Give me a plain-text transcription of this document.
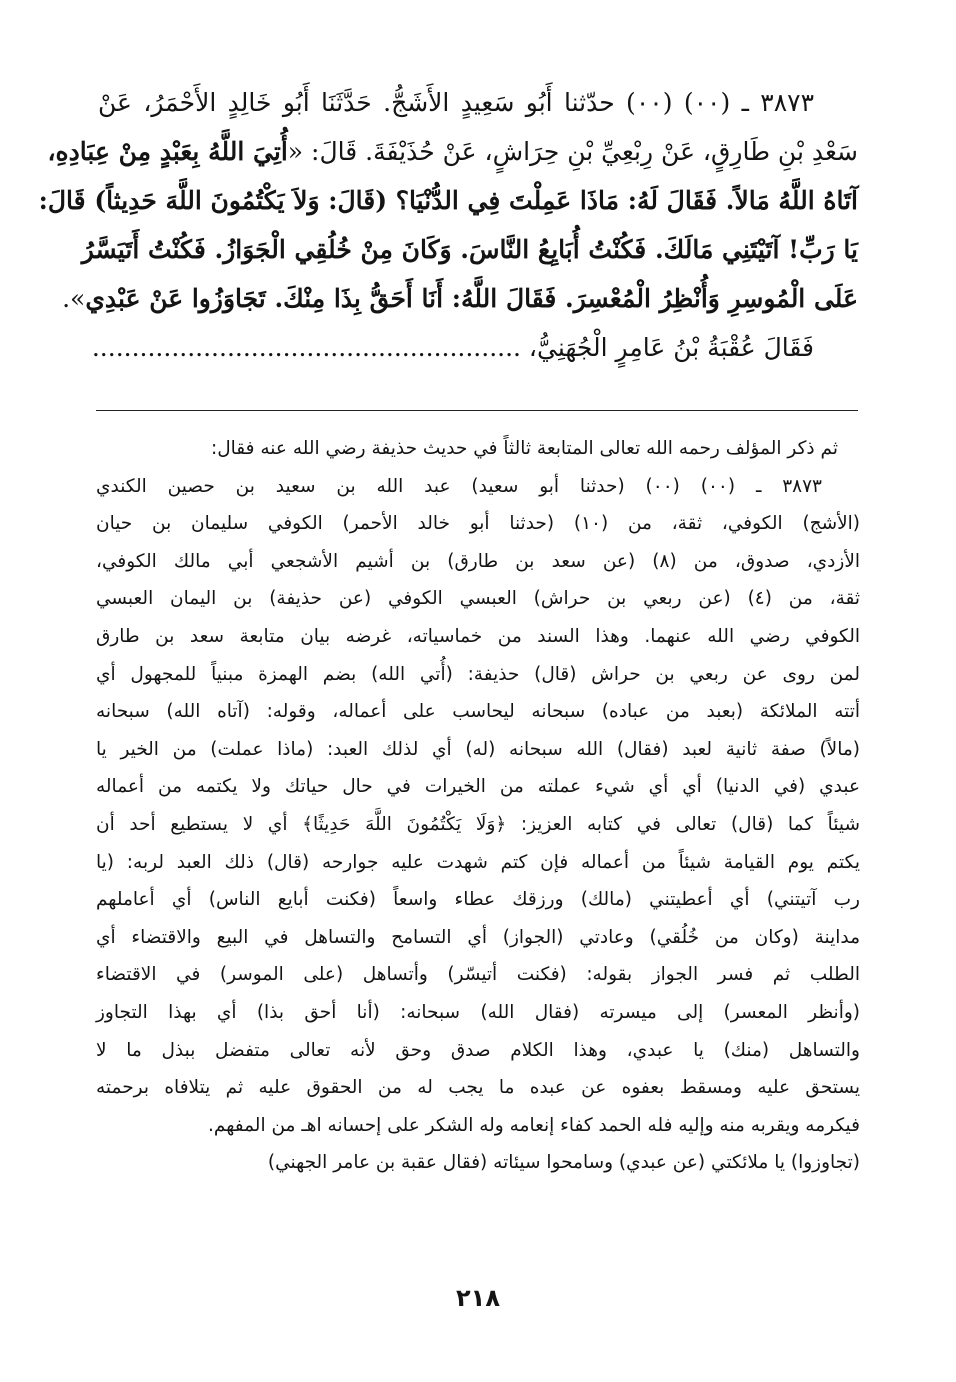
٣٨٧٣ ـ (٠٠) (٠٠) حدّثنا أَبُو سَعِيدٍ الأَشَجُّ. حَدَّثَنَا أَبُو خَالِدٍ الأَحْمَرُ، عَنْ
سَعْدِ بْنِ طَارِقٍ، عَنْ رِبْعِيِّ بْنِ حِرَاشٍ، عَنْ حُذَيْفَةَ. قَالَ: «أُتِيَ اللَّهُ بِعَبْدٍ مِنْ عِبَادِهِ،
آتَاهُ اللَّهُ مَالاً. فَقَالَ لَهُ: مَاذَا عَمِلْتَ فِي الدُّنْيَا؟ (قَالَ: وَلاَ يَكْتُمُونَ اللَّهَ حَدِيثاً) قَالَ:
يَا رَبِّ! آتَيْتَنِي مَالَكَ. فَكُنْتُ أُبَايِعُ النَّاسَ. وَكَانَ مِنْ خُلُقِي الْجَوَازُ. فَكُنْتُ أَتَيَسَّرُ
عَلَى الْمُوسِرِ وَأُنْظِرُ الْمُعْسِرَ. فَقَالَ اللَّهُ: أَنَا أَحَقُّ بِذَا مِنْكَ. تَجَاوَزُوا عَنْ عَبْدِي».
فَقَالَ عُقْبَةُ بْنُ عَامِرٍ الْجُهَنِيُّ، ......................................................
ثم ذكر المؤلف رحمه الله تعالى المتابعة ثالثاً في حديث حذيفة رضي الله عنه فقال:
٣٨٧٣ ـ (٠٠) (٠٠) (حدثنا أبو سعيد) عبد الله بن سعيد بن حصين الكندي
(الأشج) الكوفي، ثقة، من (١٠) (حدثنا أبو خالد الأحمر) الكوفي سليمان بن حيان
الأزدي، صدوق، من (٨) (عن سعد بن طارق) بن أشيم الأشجعي أبي مالك الكوفي،
ثقة، من (٤) (عن ربعي بن حراش) العبسي الكوفي (عن حذيفة) بن اليمان العبسي
الكوفي رضي الله عنهما. وهذا السند من خماسياته، غرضه بيان متابعة سعد بن طارق
لمن روى عن ربعي بن حراش (قال) حذيفة: (أُتي الله) بضم الهمزة مبنياً للمجهول أي
أتته الملائكة (بعبد من عباده) سبحانه ليحاسب على أعماله، وقوله: (آتاه الله) سبحانه
(مالاً) صفة ثانية لعبد (فقال) الله سبحانه (له) أي لذلك العبد: (ماذا عملت) من الخير يا
عبدي (في الدنيا) أي أي شيء عملته من الخيرات في حال حياتك ولا يكتمه من أعماله
شيئاً كما (قال) تعالى في كتابه العزيز: ﴿وَلَا يَكْتُمُونَ اللَّهَ حَدِيثًا﴾ أي لا يستطيع أحد أن
يكتم يوم القيامة شيئاً من أعماله فإن كتم شهدت عليه جوارحه (قال) ذلك العبد لربه: (يا
رب آتيتني) أي أعطيتني (مالك) ورزقك عطاء واسعاً (فكنت أبايع الناس) أي أعاملهم
مداينة (وكان من خُلُقي) وعادتي (الجواز) أي التسامح والتساهل في البيع والاقتضاء أي
الطلب ثم فسر الجواز بقوله: (فكنت أتيسّر) وأتساهل (على الموسر) في الاقتضاء
(وأنظر المعسر) إلى ميسرته (فقال الله) سبحانه: (أنا أحق بذا) أي بهذا التجاوز
والتساهل (منك) يا عبدي، وهذا الكلام صدق وحق لأنه تعالى متفضل ببذل ما لا
يستحق عليه ومسقط بعفوه عن عبده ما يجب له من الحقوق عليه ثم يتلافاه برحمته
فيكرمه ويقربه منه وإليه فله الحمد كفاء إنعامه وله الشكر على إحسانه اهـ من المفهم.
(تجاوزوا) يا ملائكتي (عن عبدي) وسامحوا سيئاته (فقال عقبة بن عامر الجهني)
٢١٨
